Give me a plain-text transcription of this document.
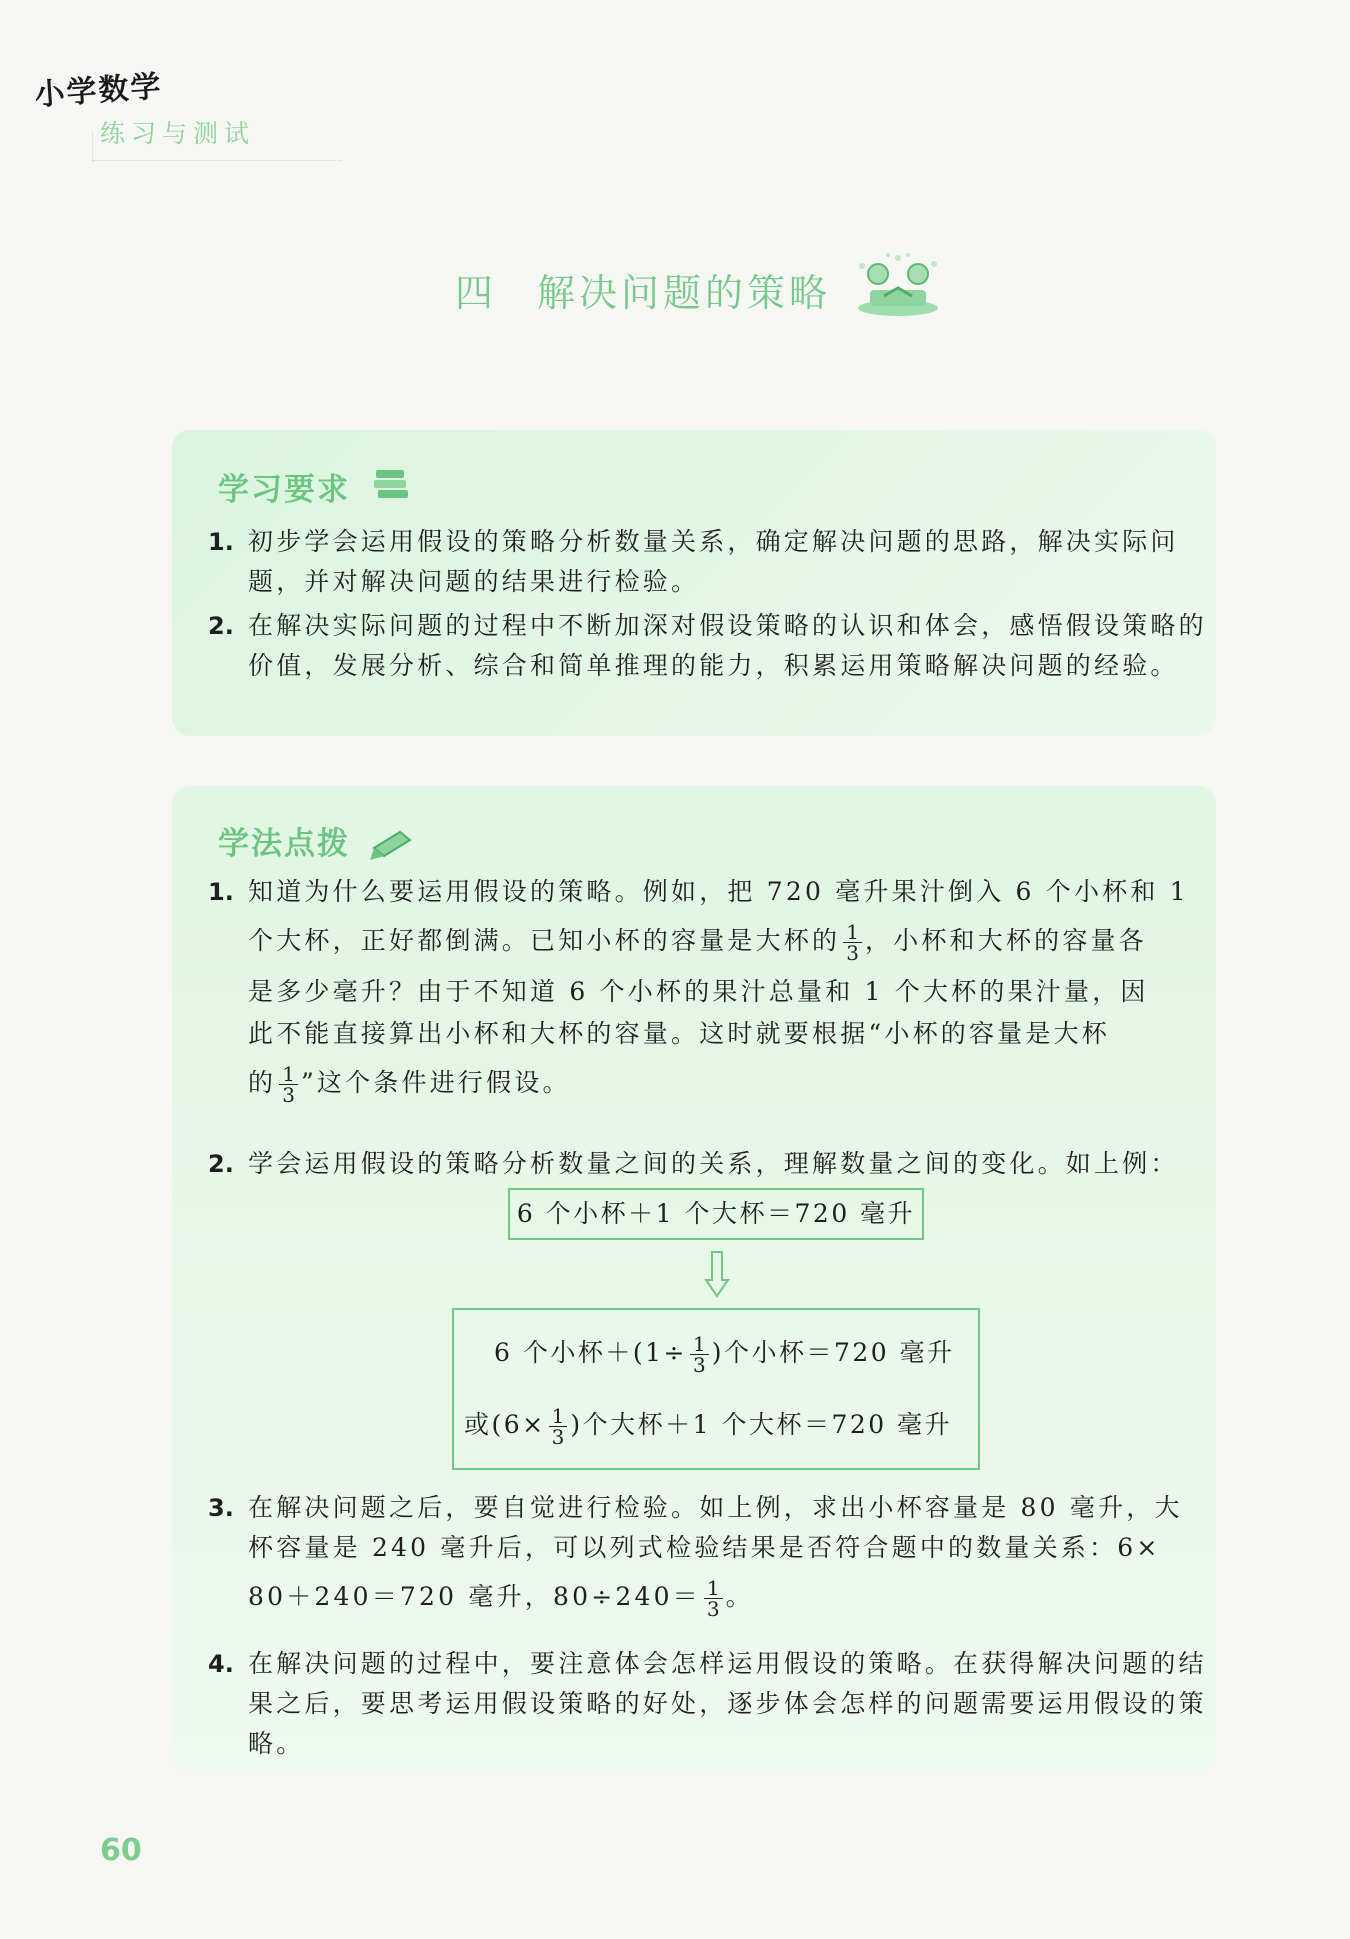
小学数学
练习与测试
四 解决问题的策略
学习要求
1. 初步学会运用假设的策略分析数量关系，确定解决问题的思路，解决实际问题，并对解决问题的结果进行检验。
2. 在解决实际问题的过程中不断加深对假设策略的认识和体会，感悟假设策略的价值，发展分析、综合和简单推理的能力，积累运用策略解决问题的经验。
学法点拨
1. 知道为什么要运用假设的策略。例如，把 720 毫升果汁倒入 6 个小杯和 1
个大杯，正好都倒满。已知小杯的容量是大杯的 $\frac{1}{3}$ ，小杯和大杯的容量各
是多少毫升？由于不知道 6 个小杯的果汁总量和 1 个大杯的果汁量，因
此不能直接算出小杯和大杯的容量。这时就要根据“小杯的容量是大杯
的 $\frac{1}{3}$ ”这个条件进行假设。
2. 学会运用假设的策略分析数量之间的关系，理解数量之间的变化。如上例：
3. 在解决问题之后，要自觉进行检验。如上例，求出小杯容量是 80 毫升，大
杯容量是 240 毫升后，可以列式检验结果是否符合题中的数量关系：6×
80＋240＝720 毫升，$80\div 240= \frac{1}{3}$ 。
4. 在解决问题的过程中，要注意体会怎样运用假设的策略。在获得解决问题的结果之后，要思考运用假设策略的好处，逐步体会怎样的问题需要运用假设的策略。
6 个小杯＋1 个大杯＝720 毫升
6 个小杯$+(1\div \frac{1}{3}$ )个小杯＝720 毫升
或($6\times \frac{1}{3}$ )个大杯＋1 个大杯＝720 毫升
60
